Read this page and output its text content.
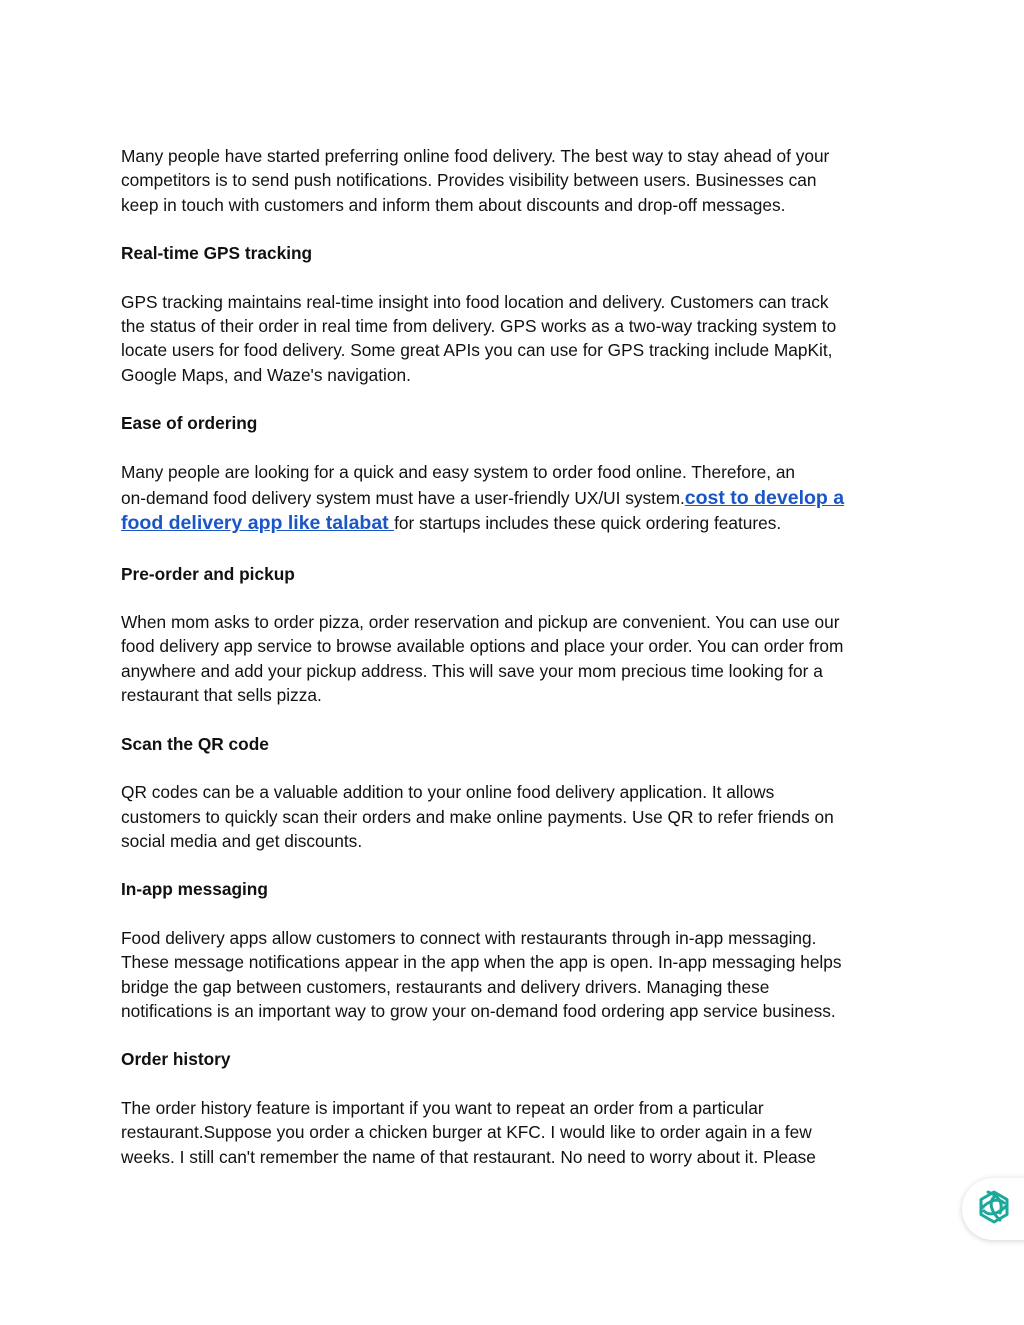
Many people have started preferring online food delivery. The best way to stay ahead of your
competitors is to send push notifications. Provides visibility between users. Businesses can
keep in touch with customers and inform them about discounts and drop-off messages.

Real-time GPS tracking

GPS tracking maintains real-time insight into food location and delivery. Customers can track
the status of their order in real time from delivery. GPS works as a two-way tracking system to
locate users for food delivery. Some great APIs you can use for GPS tracking include MapKit,
Google Maps, and Waze's navigation.

Ease of ordering

Many people are looking for a quick and easy system to order food online. Therefore, an
on-demand food delivery system must have a user-friendly UX/UI system.cost to develop a
food delivery app like talabat for startups includes these quick ordering features.

Pre-order and pickup

When mom asks to order pizza, order reservation and pickup are convenient. You can use our
food delivery app service to browse available options and place your order. You can order from
anywhere and add your pickup address. This will save your mom precious time looking for a
restaurant that sells pizza.

Scan the QR code

QR codes can be a valuable addition to your online food delivery application. It allows
customers to quickly scan their orders and make online payments. Use QR to refer friends on
social media and get discounts.

In-app messaging

Food delivery apps allow customers to connect with restaurants through in-app messaging.
These message notifications appear in the app when the app is open. In-app messaging helps
bridge the gap between customers, restaurants and delivery drivers. Managing these
notifications is an important way to grow your on-demand food ordering app service business.

Order history

The order history feature is important if you want to repeat an order from a particular
restaurant.Suppose you order a chicken burger at KFC. I would like to order again in a few
weeks. I still can't remember the name of that restaurant. No need to worry about it. Please
